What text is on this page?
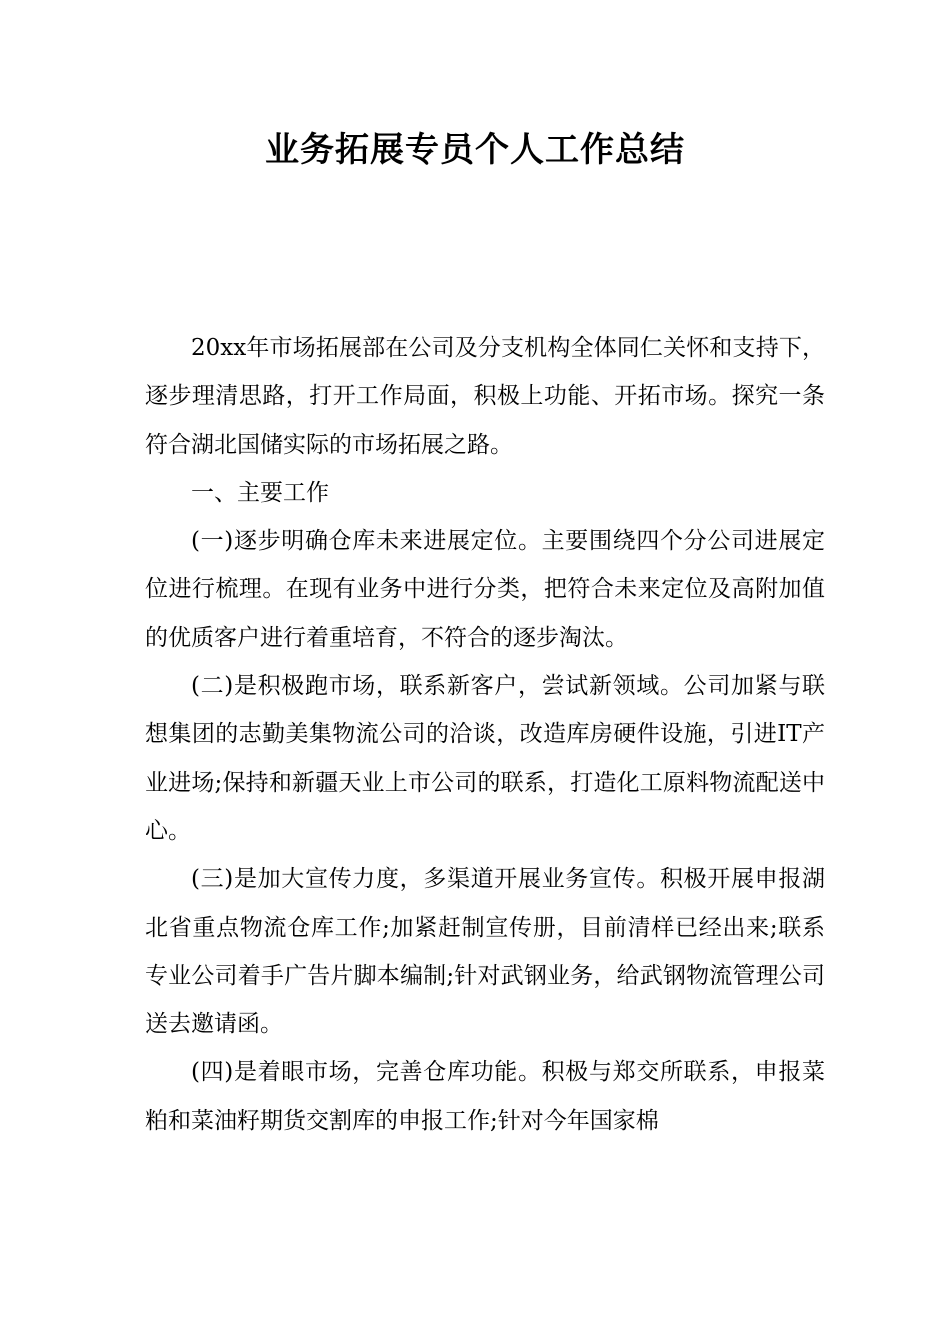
业务拓展专员个人工作总结

20xx年市场拓展部在公司及分支机构全体同仁关怀和支持下，逐步理清思路，打开工作局面，积极上功能、开拓市场。探究一条符合湖北国储实际的市场拓展之路。

一、主要工作

(一)逐步明确仓库未来进展定位。主要围绕四个分公司进展定位进行梳理。在现有业务中进行分类，把符合未来定位及高附加值的优质客户进行着重培育，不符合的逐步淘汰。

(二)是积极跑市场，联系新客户，尝试新领域。公司加紧与联想集团的志勤美集物流公司的洽谈，改造库房硬件设施，引进IT产业进场;保持和新疆天业上市公司的联系，打造化工原料物流配送中心。

(三)是加大宣传力度，多渠道开展业务宣传。积极开展申报湖北省重点物流仓库工作;加紧赶制宣传册，目前清样已经出来;联系专业公司着手广告片脚本编制;针对武钢业务，给武钢物流管理公司送去邀请函。

(四)是着眼市场，完善仓库功能。积极与郑交所联系，申报菜粕和菜油籽期货交割库的申报工作;针对今年国家棉
